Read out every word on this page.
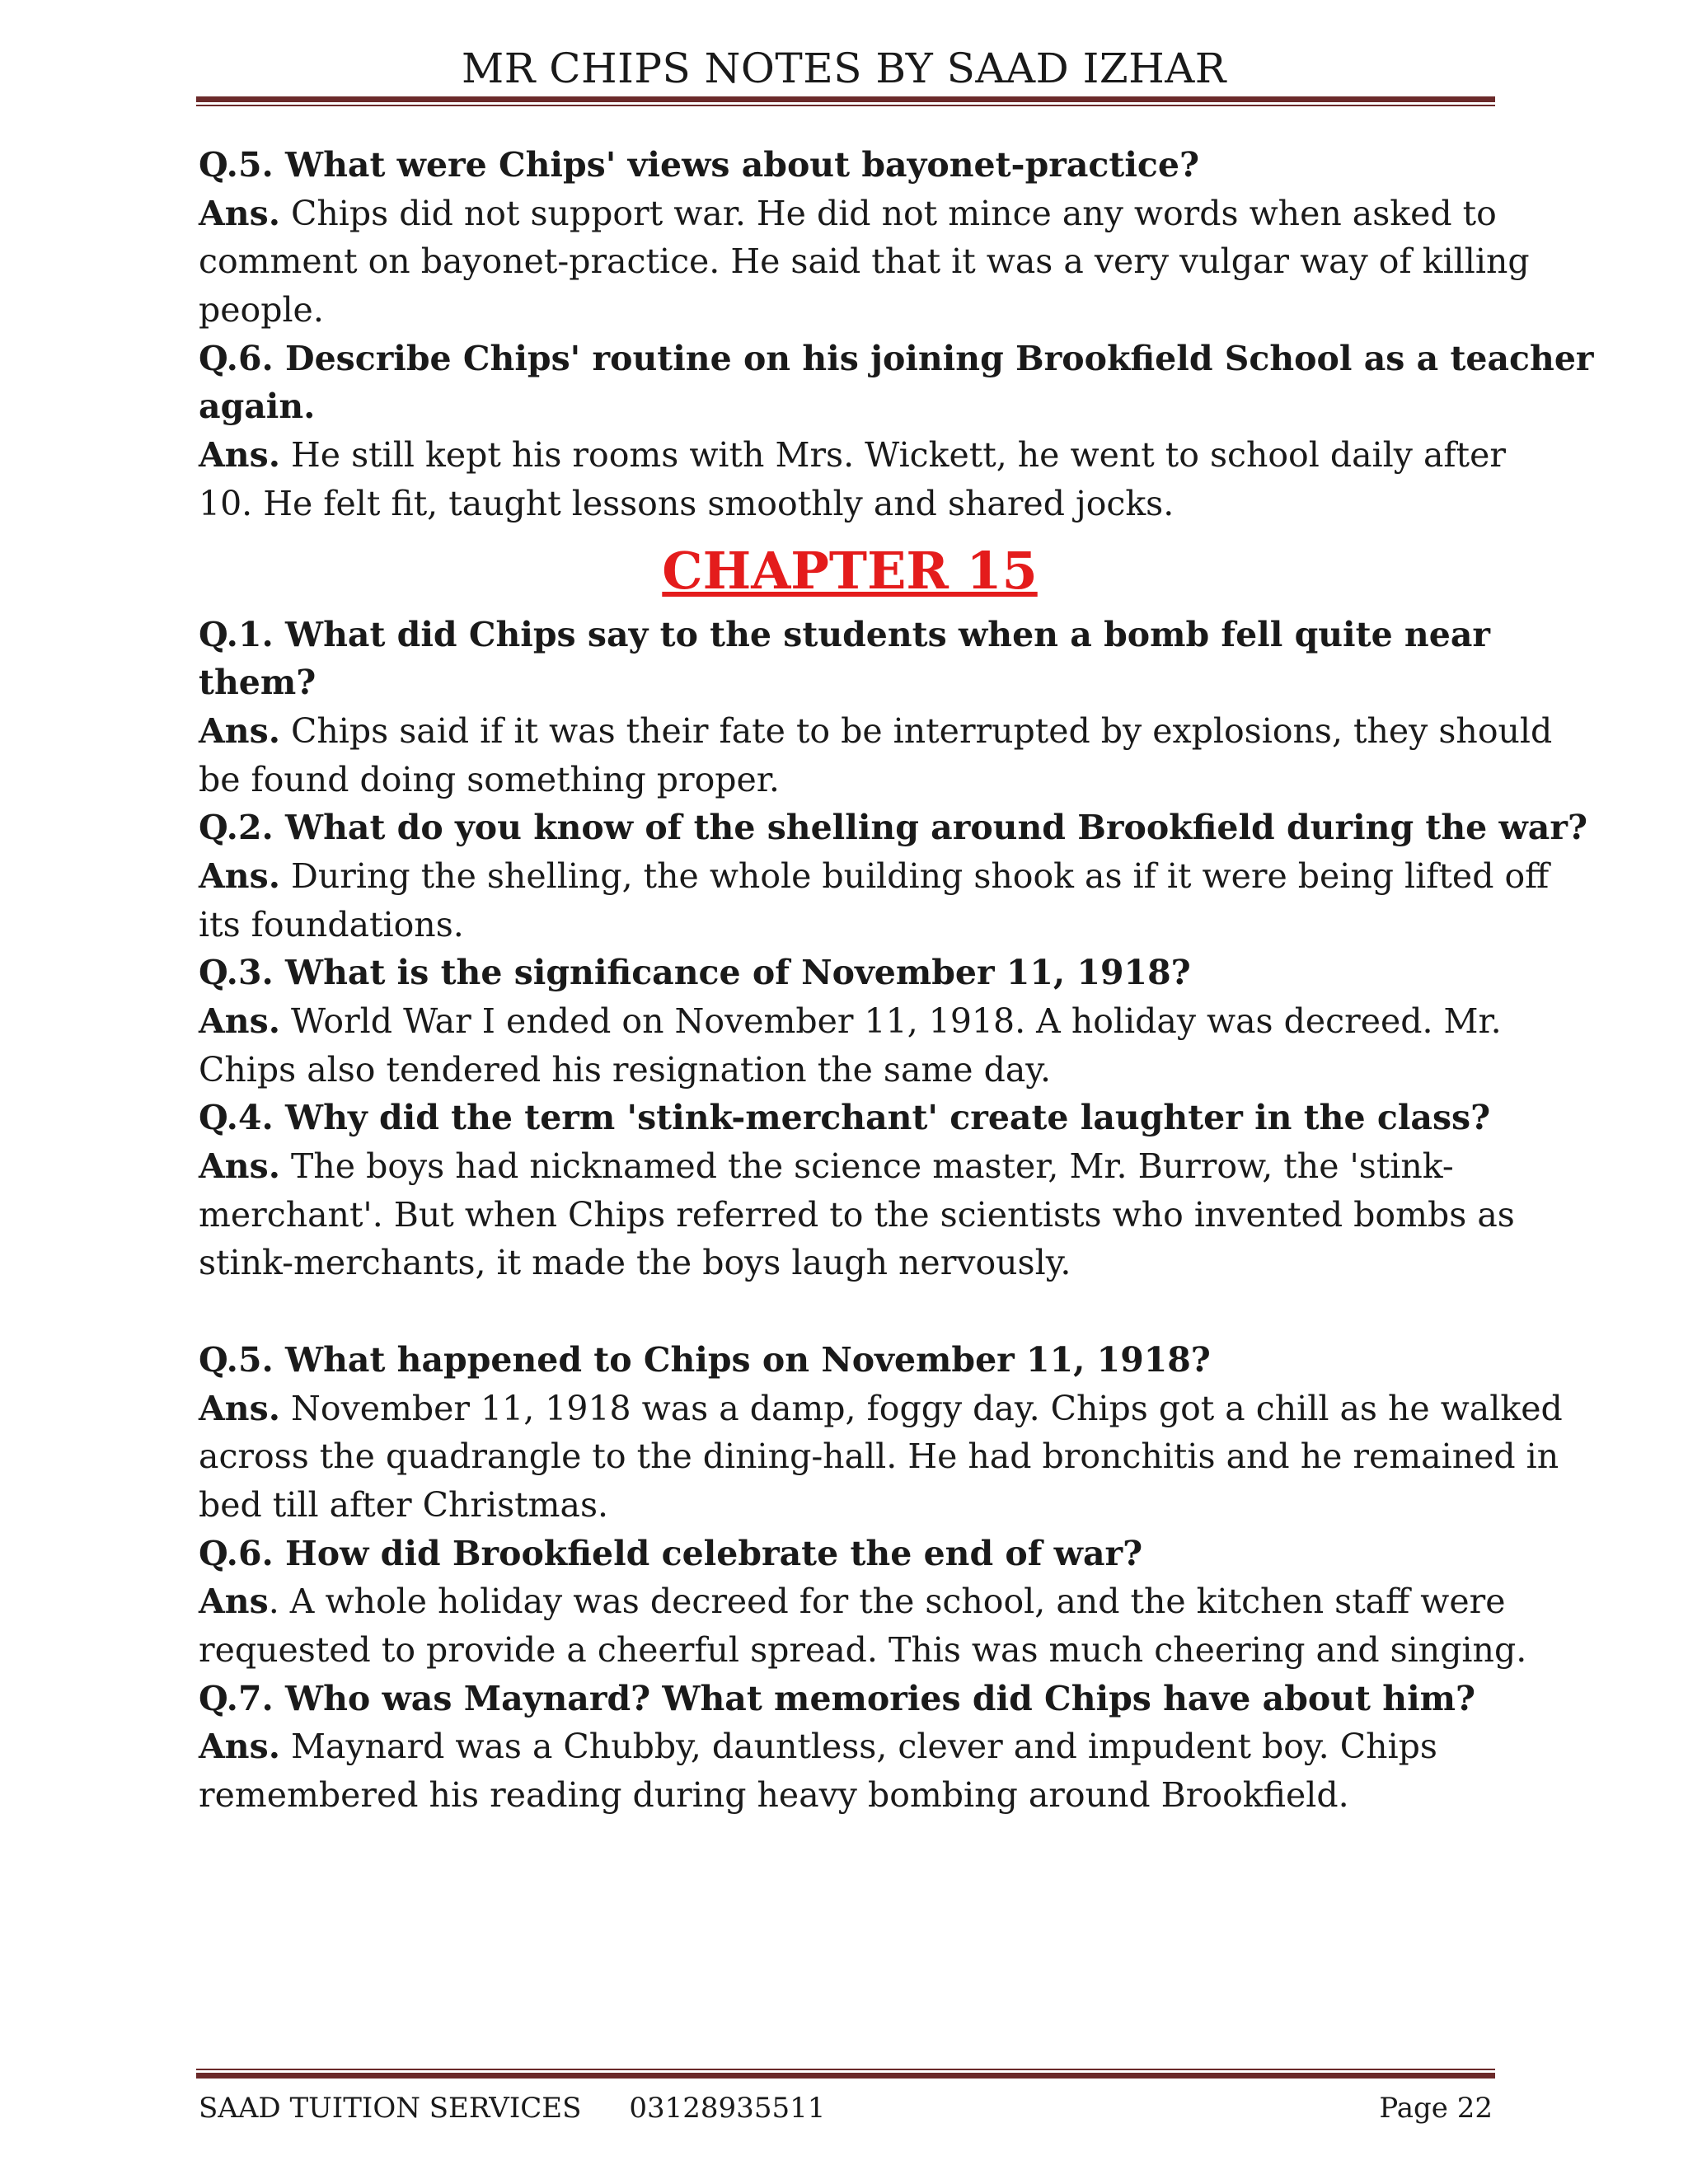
MR CHIPS NOTES BY SAAD IZHAR
Q.5. What were Chips' views about bayonet-practice?
Ans. Chips did not support war. He did not mince any words when asked to
comment on bayonet-practice. He said that it was a very vulgar way of killing
people.
Q.6. Describe Chips' routine on his joining Brookfield School as a teacher
again.
Ans. He still kept his rooms with Mrs. Wickett, he went to school daily after
10. He felt fit, taught lessons smoothly and shared jocks.
CHAPTER 15
Q.1. What did Chips say to the students when a bomb fell quite near
them?
Ans. Chips said if it was their fate to be interrupted by explosions, they should
be found doing something proper.
Q.2. What do you know of the shelling around Brookfield during the war?
Ans. During the shelling, the whole building shook as if it were being lifted off
its foundations.
Q.3. What is the significance of November 11, 1918?
Ans. World War I ended on November 11, 1918. A holiday was decreed. Mr.
Chips also tendered his resignation the same day.
Q.4. Why did the term 'stink-merchant' create laughter in the class?
Ans. The boys had nicknamed the science master, Mr. Burrow, the 'stink-
merchant'. But when Chips referred to the scientists who invented bombs as
stink-merchants, it made the boys laugh nervously.
Q.5. What happened to Chips on November 11, 1918?
Ans. November 11, 1918 was a damp, foggy day. Chips got a chill as he walked
across the quadrangle to the dining-hall. He had bronchitis and he remained in
bed till after Christmas.
Q.6. How did Brookfield celebrate the end of war?
Ans. A whole holiday was decreed for the school, and the kitchen staff were
requested to provide a cheerful spread. This was much cheering and singing.
Q.7. Who was Maynard? What memories did Chips have about him?
Ans. Maynard was a Chubby, dauntless, clever and impudent boy. Chips
remembered his reading during heavy bombing around Brookfield.
SAAD TUITION SERVICES 03128935511	Page 22
